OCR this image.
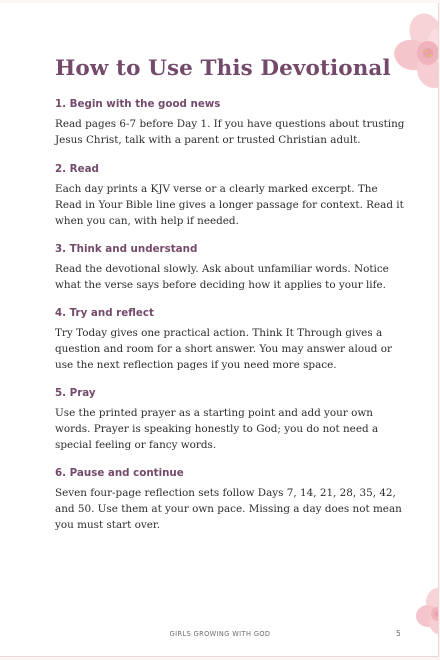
How to Use This Devotional
1. Begin with the good news

Read pages 6-7 before Day 1. If you have questions about trusting Jesus Christ, talk with a parent or trusted Christian adult.

2. Read

Each day prints a KJV verse or a clearly marked excerpt. The Read in Your Bible line gives a longer passage for context. Read it when you can, with help if needed.

3. Think and understand

Read the devotional slowly. Ask about unfamiliar words. Notice what the verse says before deciding how it applies to your life.

4. Try and reflect

Try Today gives one practical action. Think It Through gives a question and room for a short answer. You may answer aloud or use the next reflection pages if you need more space.

5. Pray

Use the printed prayer as a starting point and add your own words. Prayer is speaking honestly to God; you do not need a special feeling or fancy words.

6. Pause and continue

Seven four-page reflection sets follow Days 7, 14, 21, 28, 35, 42, and 50. Use them at your own pace. Missing a day does not mean you must start over.

GIRLS GROWING WITH GOD	5
